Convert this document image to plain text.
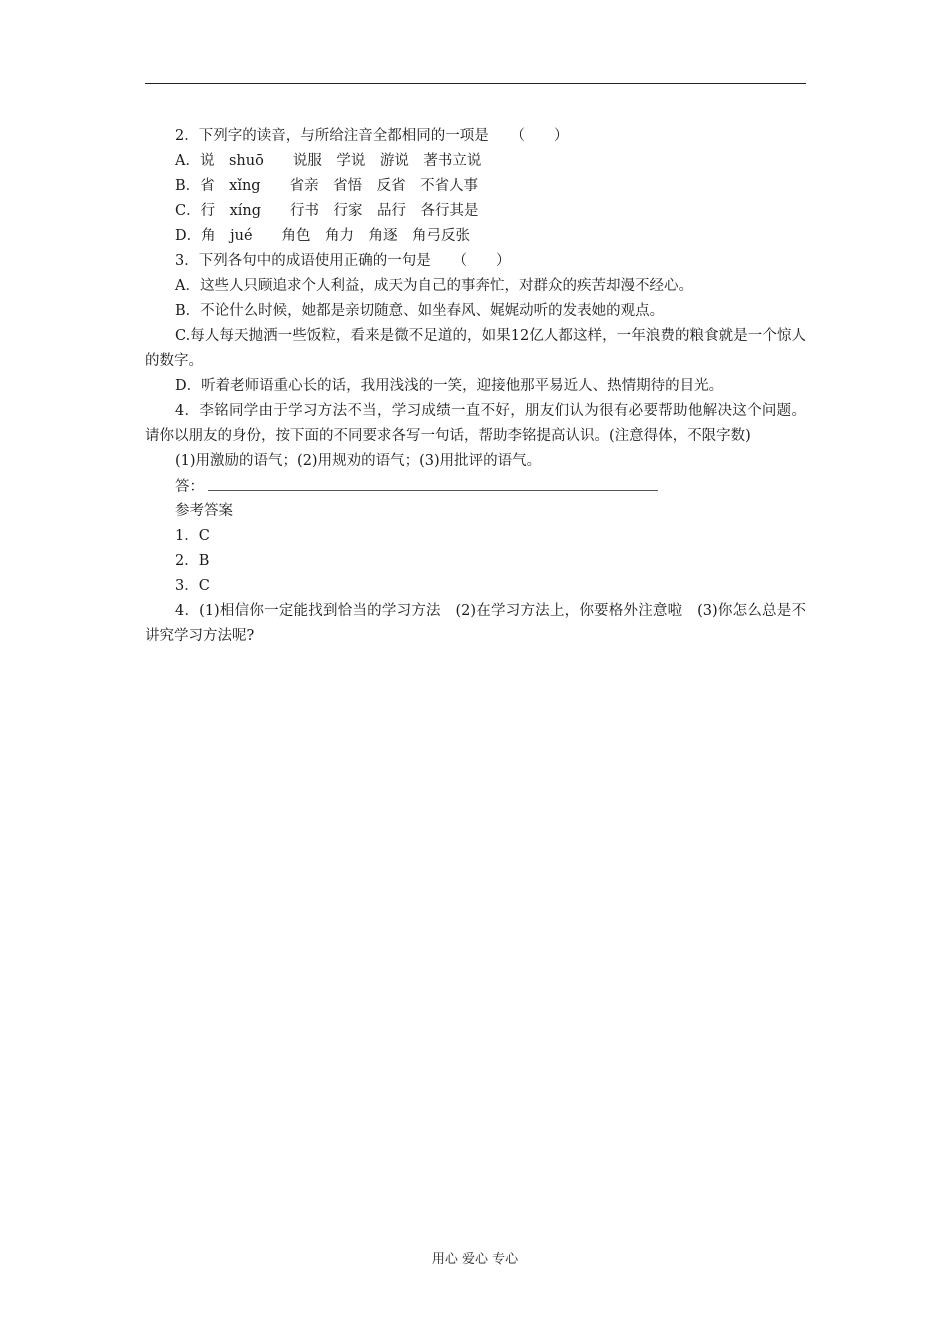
2．下列字的读音，与所给注音全都相同的一项是　　（　　）
A．说　shuō　　说服　学说　游说　著书立说
B．省　xǐng　　省亲　省悟　反省　不省人事
C．行　xíng　　行书　行家　品行　各行其是
D．角　jué　　角色　角力　角逐　角弓反张
3．下列各句中的成语使用正确的一句是　　（　　）
A．这些人只顾追求个人利益，成天为自己的事奔忙，对群众的疾苦却漫不经心。
B．不论什么时候，她都是亲切随意、如坐春风、娓娓动听的发表她的观点。
C.每人每天抛洒一些饭粒，看来是微不足道的，如果12亿人都这样，一年浪费的粮食就是一个惊人的数字。
D．听着老师语重心长的话，我用浅浅的一笑，迎接他那平易近人、热情期待的目光。
4．李铭同学由于学习方法不当，学习成绩一直不好，朋友们认为很有必要帮助他解决这个问题。请你以朋友的身份，按下面的不同要求各写一句话，帮助李铭提高认识。(注意得体，不限字数)
(1)用激励的语气；(2)用规劝的语气；(3)用批评的语气。
答：
参考答案
1．C
2．B
3．C
4．(1)相信你一定能找到恰当的学习方法　(2)在学习方法上，你要格外注意啦　(3)你怎么总是不讲究学习方法呢?
用心 爱心 专心
